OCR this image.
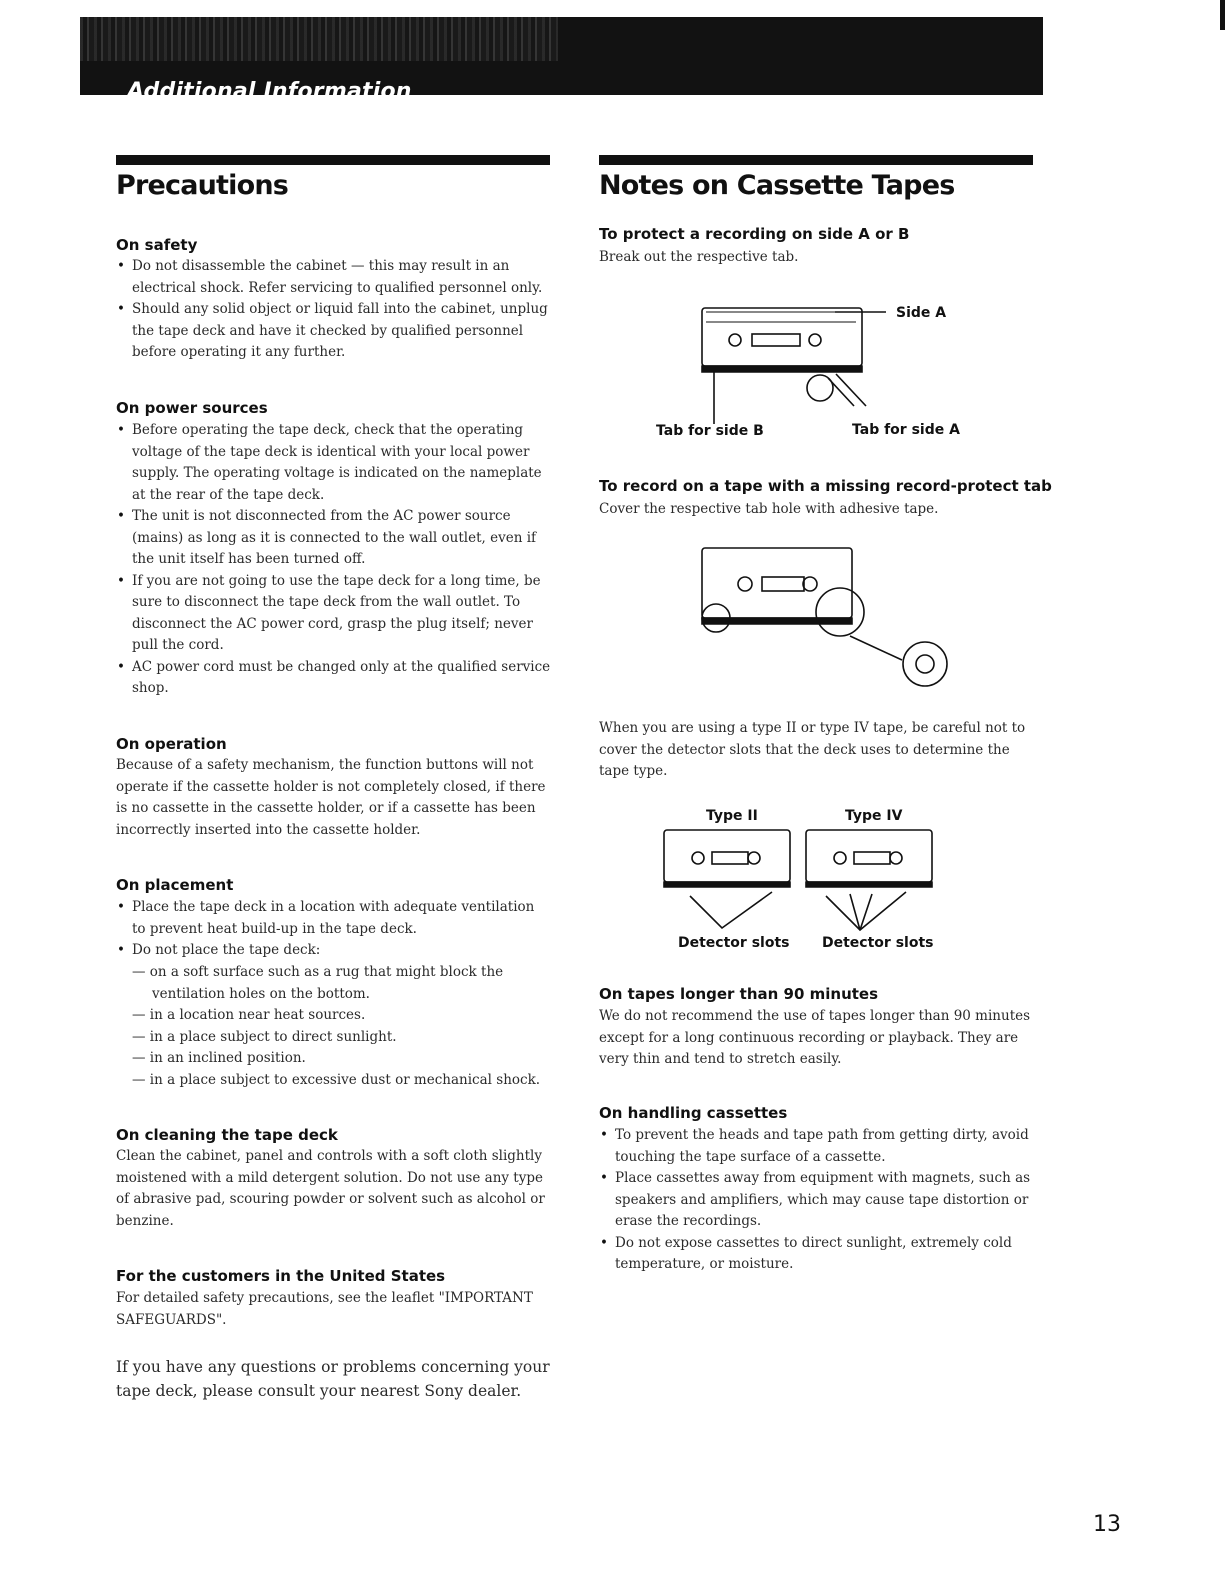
Additional Information
Precautions
On safety
• Do not disassemble the cabinet — this may result in an electrical shock. Refer servicing to qualified personnel only.
• Should any solid object or liquid fall into the cabinet, unplug the tape deck and have it checked by qualified personnel before operating it any further.
On power sources
• Before operating the tape deck, check that the operating voltage of the tape deck is identical with your local power supply. The operating voltage is indicated on the nameplate at the rear of the tape deck.
• The unit is not disconnected from the AC power source (mains) as long as it is connected to the wall outlet, even if the unit itself has been turned off.
• If you are not going to use the tape deck for a long time, be sure to disconnect the tape deck from the wall outlet. To disconnect the AC power cord, grasp the plug itself; never pull the cord.
• AC power cord must be changed only at the qualified service shop.
On operation

Because of a safety mechanism, the function buttons will not operate if the cassette holder is not completely closed, if there is no cassette in the cassette holder, or if a cassette has been incorrectly inserted into the cassette holder.

On placement
• Place the tape deck in a location with adequate ventilation to prevent heat build-up in the tape deck.
• Do not place the tape deck:
— on a soft surface such as a rug that might block the ventilation holes on the bottom.
— in a location near heat sources.
— in a place subject to direct sunlight.
— in an inclined position.
— in a place subject to excessive dust or mechanical shock.
On cleaning the tape deck

Clean the cabinet, panel and controls with a soft cloth slightly moistened with a mild detergent solution. Do not use any type of abrasive pad, scouring powder or solvent such as alcohol or benzine.

For the customers in the United States

For detailed safety precautions, see the leaflet "IMPORTANT SAFEGUARDS".

If you have any questions or problems concerning your tape deck, please consult your nearest Sony dealer.

Notes on Cassette Tapes
To protect a recording on side A or B

Break out the respective tab.

Side A
Tab for side B	Tab for side A
To record on a tape with a missing record-protect tab

Cover the respective tab hole with adhesive tape.

When you are using a type II or type IV tape, be careful not to cover the detector slots that the deck uses to determine the tape type.

Type II	Type IV
Detector slots Detector slots
On tapes longer than 90 minutes

We do not recommend the use of tapes longer than 90 minutes except for a long continuous recording or playback. They are very thin and tend to stretch easily.

On handling cassettes
• To prevent the heads and tape path from getting dirty, avoid touching the tape surface of a cassette.
• Place cassettes away from equipment with magnets, such as speakers and amplifiers, which may cause tape distortion or erase the recordings.
• Do not expose cassettes to direct sunlight, extremely cold temperature, or moisture.
13
